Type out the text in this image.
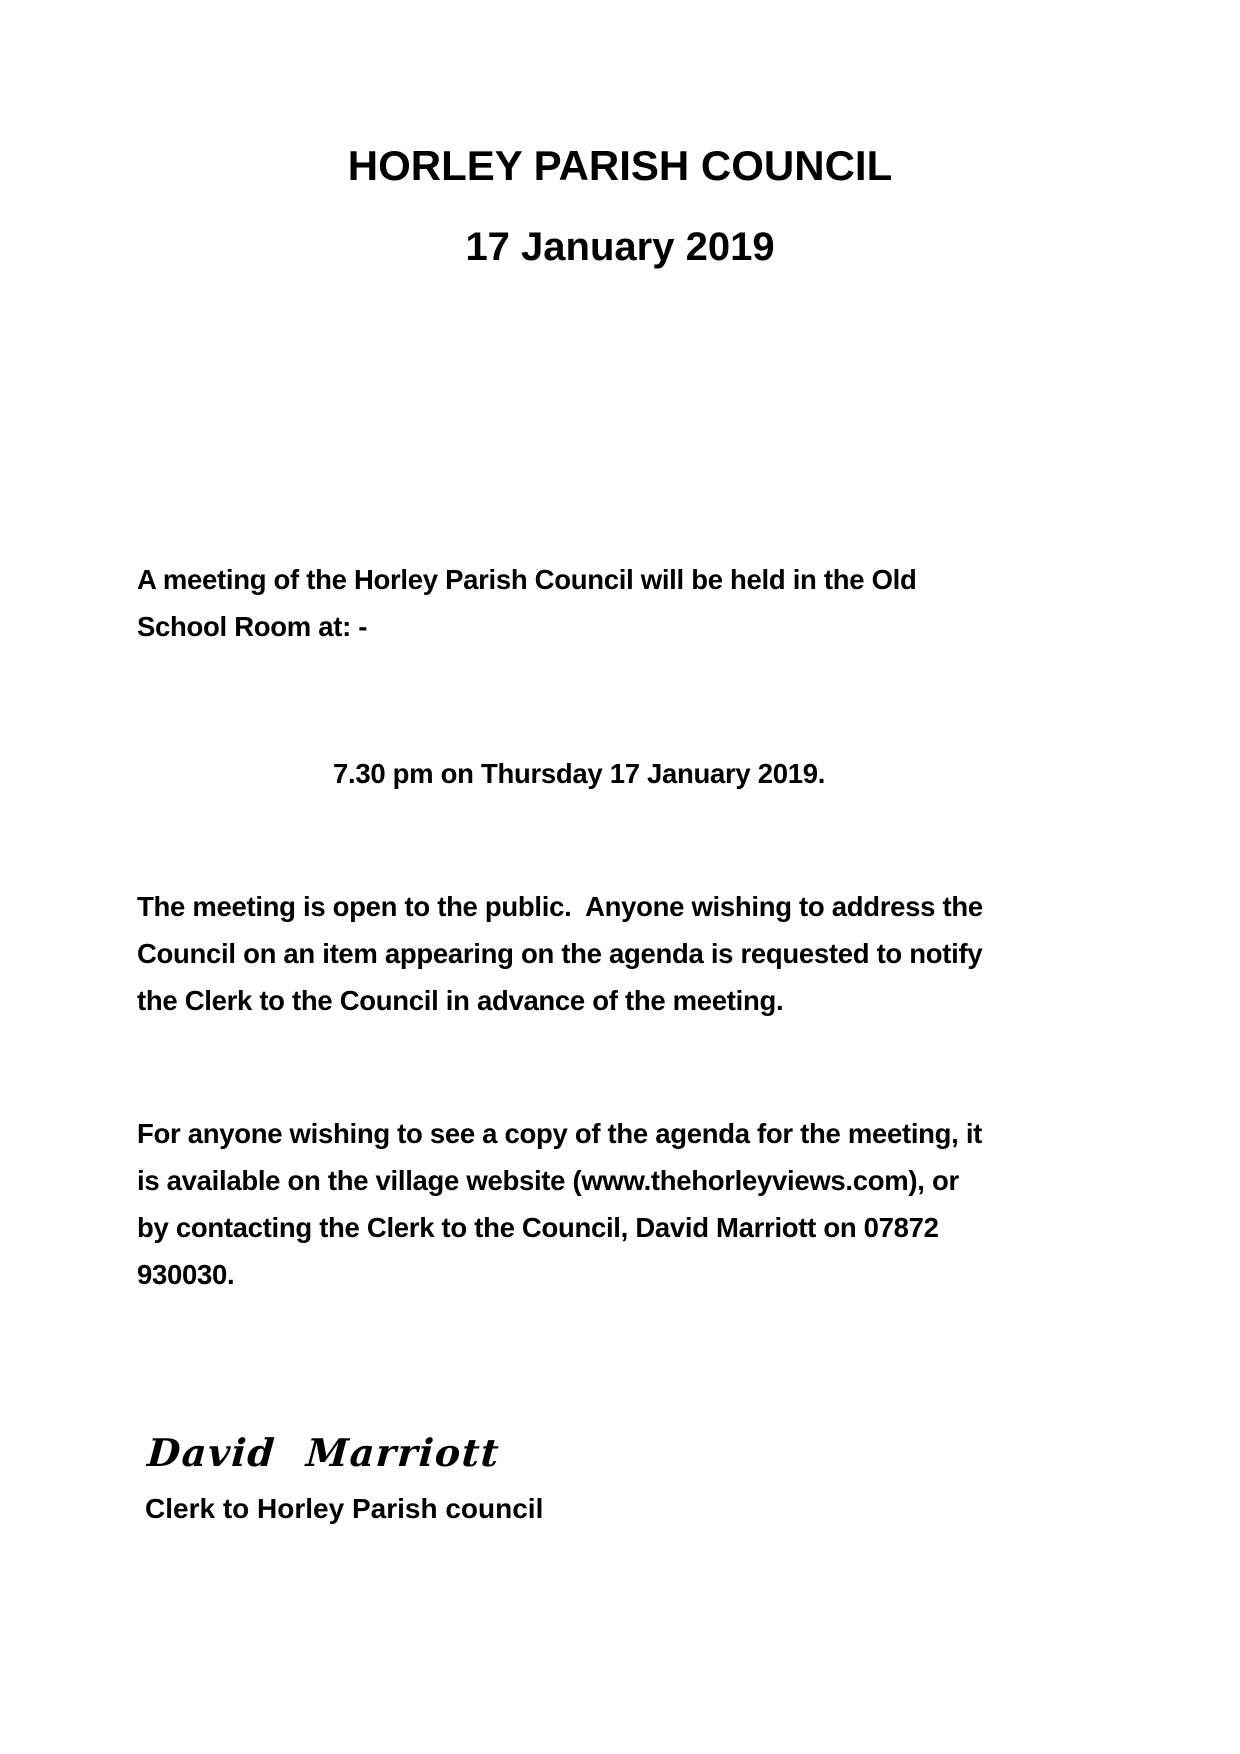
HORLEY PARISH COUNCIL
17 January 2019
A meeting of the Horley Parish Council will be held in the Old
School Room at: -
7.30 pm on Thursday 17 January 2019.
The meeting is open to the public.  Anyone wishing to address the
Council on an item appearing on the agenda is requested to notify
the Clerk to the Council in advance of the meeting.
For anyone wishing to see a copy of the agenda for the meeting, it
is available on the village website (www.thehorleyviews.com), or
by contacting the Clerk to the Council, David Marriott on 07872
930030.
David Marriott
Clerk to Horley Parish council
